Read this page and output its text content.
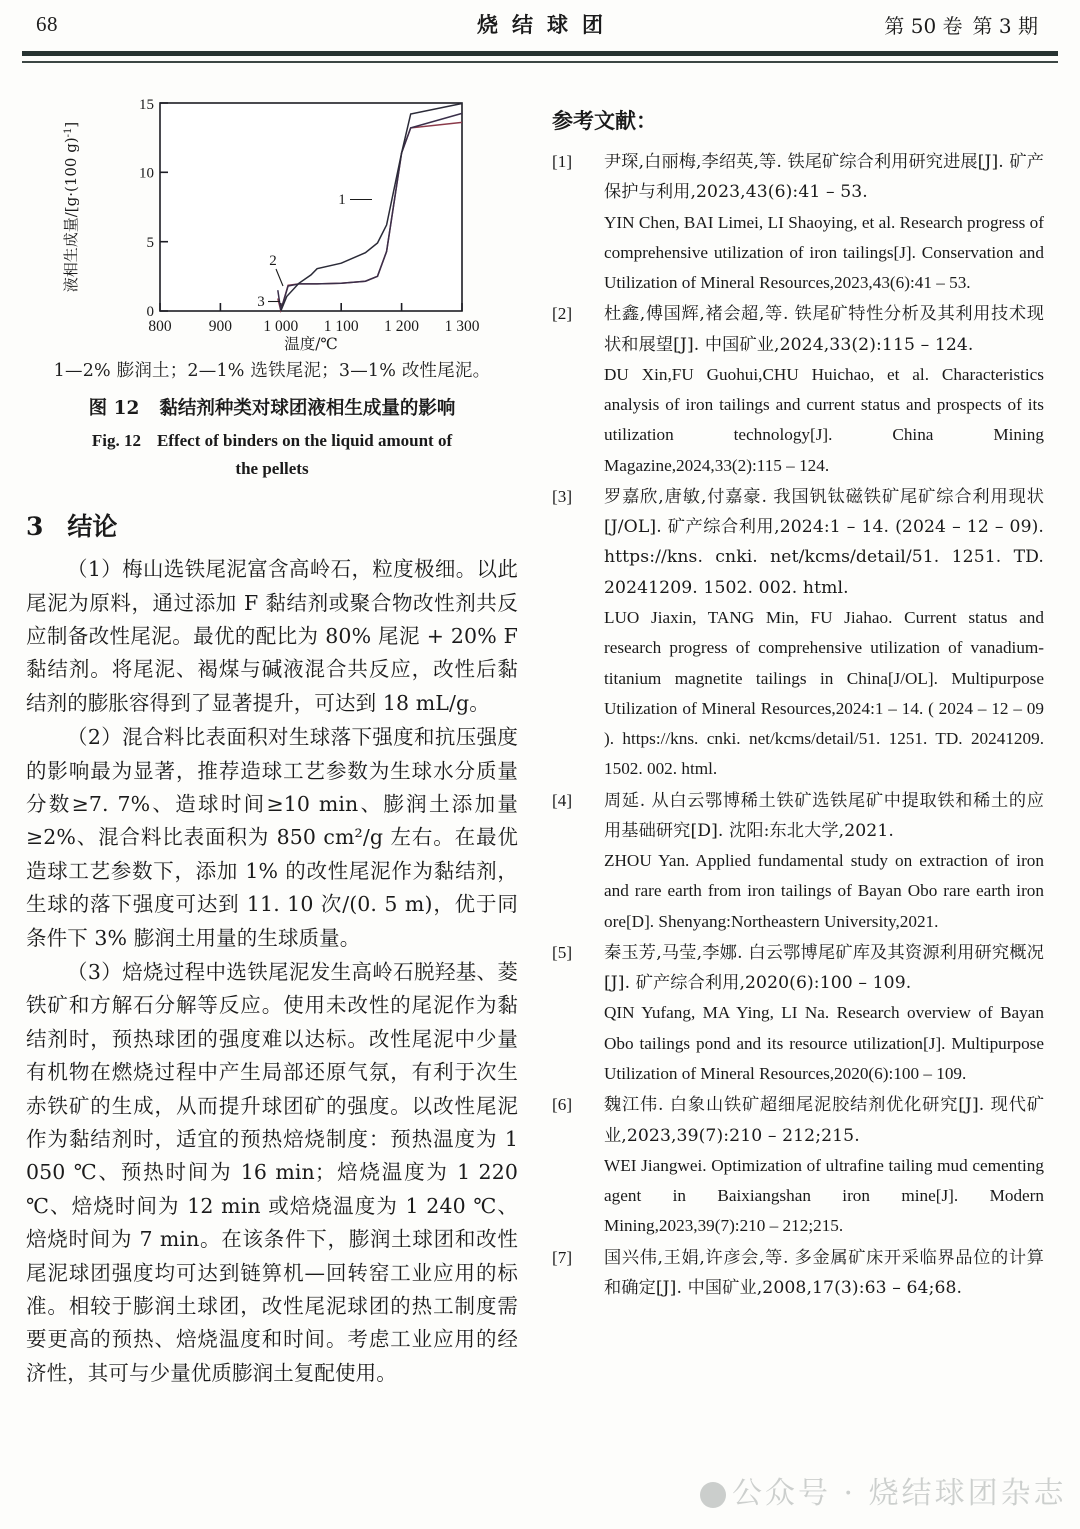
68	烧结球团	第 50 卷 第 3 期
0
5
10
15
800 900 1 000 1 100 1 200 1 300
温度/℃
液相生成量/[g·(100 g)$^{-1}$]
1
2
3
1—2% 膨润土；2—1% 选铁尾泥；3—1% 改性尾泥。
图 12 黏结剂种类对球团液相生成量的影响
Fig. 12 Effect of binders on the liquid amount of
the pellets
3 结论

（1）梅山选铁尾泥富含高岭石，粒度极细。以此尾泥为原料，通过添加 F 黏结剂或聚合物改性剂共反应制备改性尾泥。最优的配比为 80% 尾泥 + 20% F 黏结剂。将尾泥、褐煤与碱液混合共反应，改性后黏结剂的膨胀容得到了显著提升，可达到 18 mL/g。

（2）混合料比表面积对生球落下强度和抗压强度的影响最为显著，推荐造球工艺参数为生球水分质量分数≥7. 7%、造球时间≥10 min、膨润土添加量≥2%、混合料比表面积为 850 cm²/g 左右。在最优造球工艺参数下，添加 1% 的改性尾泥作为黏结剂，生球的落下强度可达到 11. 10 次/(0. 5 m)，优于同条件下 3% 膨润土用量的生球质量。

（3）焙烧过程中选铁尾泥发生高岭石脱羟基、菱铁矿和方解石分解等反应。使用未改性的尾泥作为黏结剂时，预热球团的强度难以达标。改性尾泥中少量有机物在燃烧过程中产生局部还原气氛，有利于次生赤铁矿的生成，从而提升球团矿的强度。以改性尾泥作为黏结剂时，适宜的预热焙烧制度：预热温度为 1 050 ℃、预热时间为 16 min；焙烧温度为 1 220 ℃、焙烧时间为 12 min 或焙烧温度为 1 240 ℃、焙烧时间为 7 min。在该条件下，膨润土球团和改性尾泥球团强度均可达到链箅机—回转窑工业应用的标准。相较于膨润土球团，改性尾泥球团的热工制度需要更高的预热、焙烧温度和时间。考虑工业应用的经济性，其可与少量优质膨润土复配使用。

参考文献：
[1]	尹琛,白丽梅,李绍英,等. 铁尾矿综合利用研究进展[J]. 矿产保护与利用,2023,43(6):41 – 53.
YIN Chen, BAI Limei, LI Shaoying, et al. Research progress of comprehensive utilization of iron tailings[J]. Conservation and Utilization of Mineral Resources,2023,43(6):41 – 53.
[2]	杜鑫,傅国辉,褚会超,等. 铁尾矿特性分析及其利用技术现状和展望[J]. 中国矿业,2024,33(2):115 – 124.
DU Xin,FU Guohui,CHU Huichao, et al. Characteristics analysis of iron tailings and current status and prospects of its utilization technology[J]. China Mining Magazine,2024,33(2):115 – 124.
[3]	罗嘉欣,唐敏,付嘉豪. 我国钒钛磁铁矿尾矿综合利用现状[J/OL]. 矿产综合利用,2024:1 – 14. (2024 – 12 – 09). https://kns. cnki. net/kcms/detail/51. 1251. TD. 20241209. 1502. 002. html.
LUO Jiaxin, TANG Min, FU Jiahao. Current status and research progress of comprehensive utilization of vanadium-titanium magnetite tailings in China[J/OL]. Multipurpose Utilization of Mineral Resources,2024:1 – 14. ( 2024 – 12 – 09 ). https://kns. cnki. net/kcms/detail/51. 1251. TD. 20241209. 1502. 002. html.
[4]	周延. 从白云鄂博稀土铁矿选铁尾矿中提取铁和稀土的应用基础研究[D]. 沈阳:东北大学,2021.
ZHOU Yan. Applied fundamental study on extraction of iron and rare earth from iron tailings of Bayan Obo rare earth iron ore[D]. Shenyang:Northeastern University,2021.
[5]	秦玉芳,马莹,李娜. 白云鄂博尾矿库及其资源利用研究概况[J]. 矿产综合利用,2020(6):100 – 109.
QIN Yufang, MA Ying, LI Na. Research overview of Bayan Obo tailings pond and its resource utilization[J]. Multipurpose Utilization of Mineral Resources,2020(6):100 – 109.
[6]	魏江伟. 白象山铁矿超细尾泥胶结剂优化研究[J]. 现代矿业,2023,39(7):210 – 212;215.
WEI Jiangwei. Optimization of ultrafine tailing mud cementing agent in Baixiangshan iron mine[J]. Modern Mining,2023,39(7):210 – 212;215.
[7]	国兴伟,王娟,许彦会,等. 多金属矿床开采临界品位的计算和确定[J]. 中国矿业,2008,17(3):63 – 64;68.
公众号 · 烧结球团杂志
